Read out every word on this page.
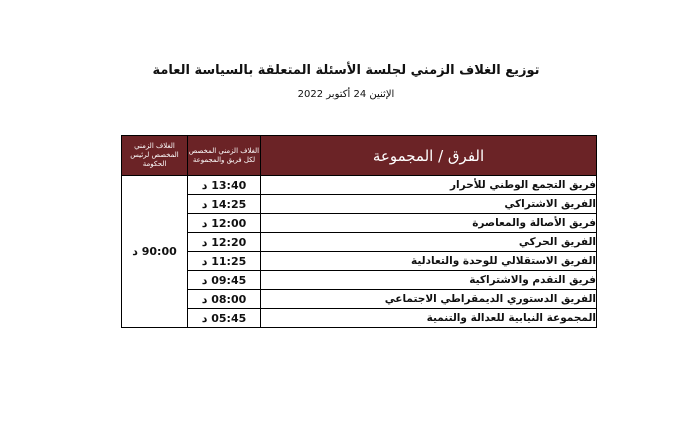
توزيع الغلاف الزمني لجلسة الأسئلة المتعلقة بالسياسة العامة
الإثنين 24 أكتوبر 2022
الغلاف الزمني المخصص لرئيس الحكومة	الغلاف الزمني المخصص لكل فريق والمجموعة	الفرق / المجموعة
90:00 د	13:40 د	فريق التجمع الوطني للأحرار
	14:25 د	الفريق الاشتراكي
	12:00 د	فريق الأصالة والمعاصرة
	12:20 د	الفريق الحركي
	11:25 د	الفريق الاستقلالي للوحدة والتعادلية
	09:45 د	فريق التقدم والاشتراكية
	08:00 د	الفريق الدستوري الديمقراطي الاجتماعي
	05:45 د	المجموعة النيابية للعدالة والتنمية
